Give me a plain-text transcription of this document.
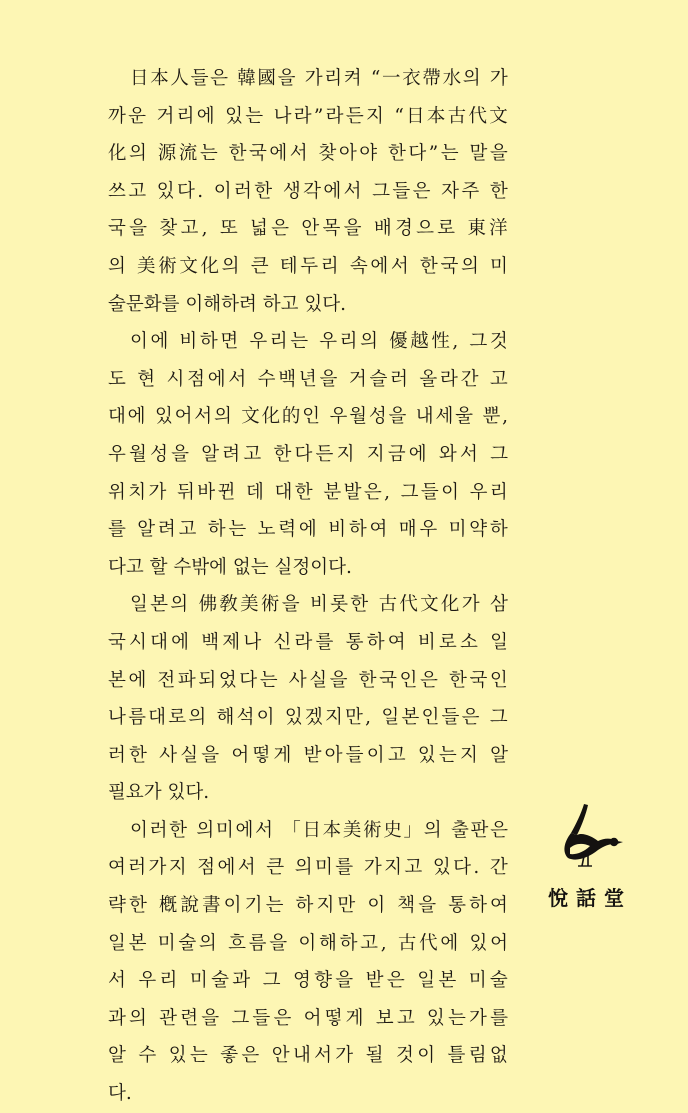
日 本 人 들 은
韓 國 을
가 리 켜
“ 一 衣 帶 水 의
가
까 운
거 리 에
있 는
나 라 ” 라 든 지
“ 日 本 古 代 文
化 의
源 流 는
한 국 에 서
찾 아 야
한 다 ” 는
말 을
쓰 고
있 다 .
이 러 한
생 각 에 서
그 들 은
자 주
한
국 을
찾 고 ,
또
넓 은
안 목 을
배 경 으 로
東 洋
의
美 術 文 化 의
큰
테 두 리
속 에 서
한 국 의
미
술문화를 이해하려 하고 있다.
이 에
비 하 면
우 리 는
우 리 의
優 越 性 ,
그 것
도
현
시 점 에 서
수 백 년 을
거 슬 러
올 라 간
고
대 에
있 어 서 의
文 化 的 인
우 월 성 을
내 세 울
뿐 ,
우 월 성 을
알 려 고
한 다 든 지
지 금 에
와 서
그
위 치 가
뒤 바 뀐
데
대 한
분 발 은 ,
그 들 이
우 리
를
알 려 고
하 는
노 력 에
비 하 여
매 우
미 약 하
다고 할 수밖에 없는 실정이다.
일 본 의
佛 敎 美 術 을
비 롯 한
古 代 文 化 가
삼
국 시 대 에
백 제 나
신 라 를
통 하 여
비 로 소
일
본 에
전 파 되 었 다 는
사 실 을
한 국 인 은
한 국 인
나 름 대 로 의
해 석 이
있 겠 지 만 ,
일 본 인 들 은
그
러 한
사 실 을
어 떻 게
받 아 들 이 고
있 는 지
알
필요가 있다.
이 러 한
의 미 에 서
「 日 本 美 術 史 」 의
출 판 은
여 러 가 지
점 에 서
큰
의 미 를
가 지 고
있 다 .
간
략 한
槪 說 書 이 기 는
하 지 만
이
책 을
통 하 여
일 본
미 술 의
흐 름 을
이 해 하 고 ,
古 代 에
있 어
서
우 리
미 술 과
그
영 향 을
받 은
일 본
미 술
과 의
관 련 을
그 들 은
어 떻 게
보 고
있 는 가 를
알
수
있 는
좋 은
안 내 서 가
될
것 이
틀 림 없
다.
悅話堂
